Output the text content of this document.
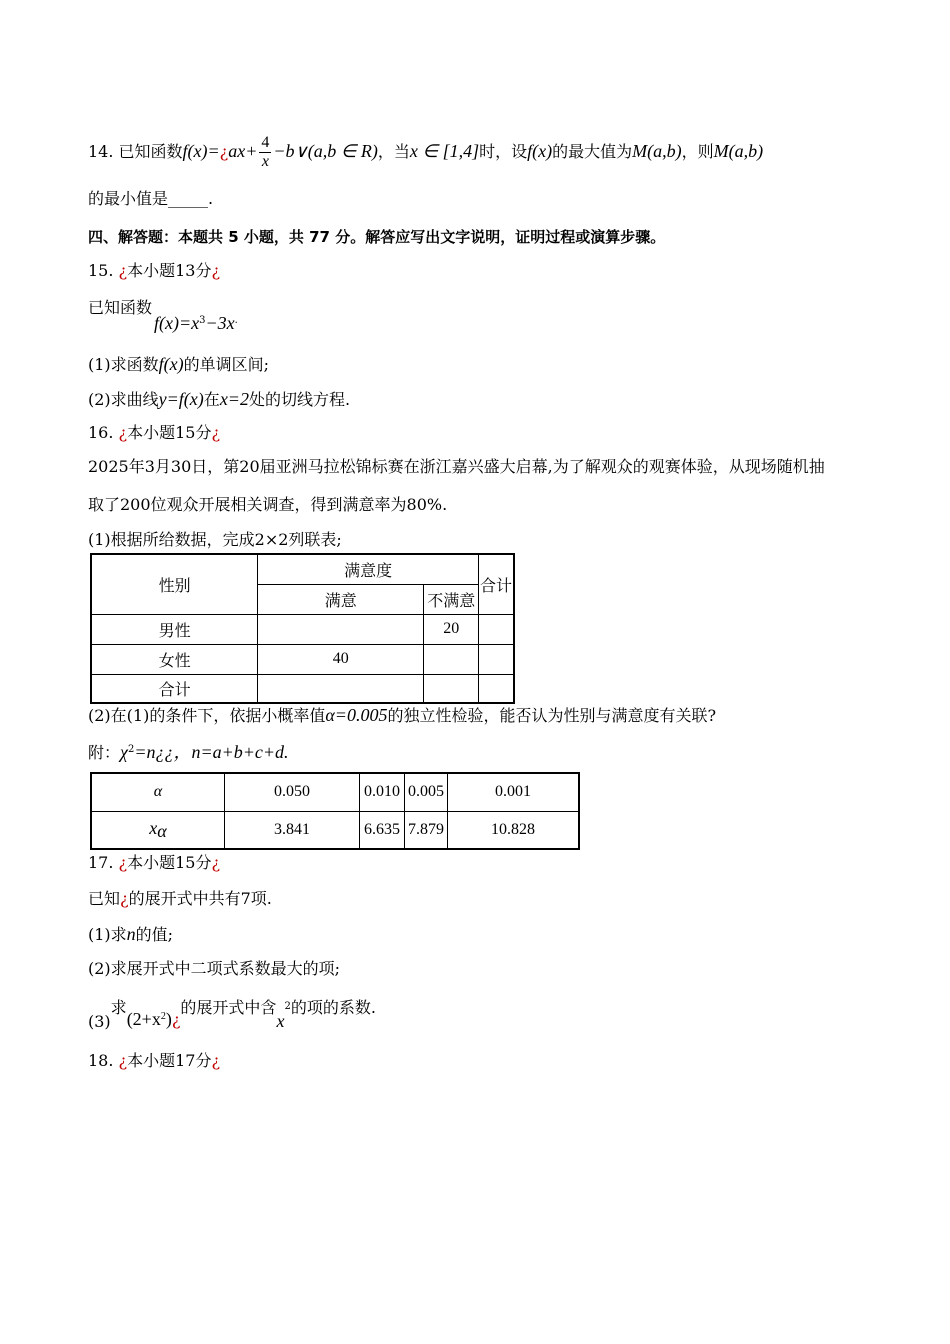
14. 已知函数f(x)=¿ax+ $\frac{4}{x}$ −b∨(a,b ∈ R)，当x ∈ [1,4]时，设f(x)的最大值为M(a,b)，则M(a,b)
的最小值是_____.
四、解答题：本题共 5 小题，共 77 分。解答应写出文字说明，证明过程或演算步骤。
15. ¿本小题13分¿
已知函数
$f(x)=x^3-3x^.$
(1)求函数f(x)的单调区间;
(2)求曲线y=f(x)在x=2处的切线方程.
16. ¿本小题15分¿
2025年3月30日，第20届亚洲马拉松锦标赛在浙江嘉兴盛大启幕,为了解观众的观赛体验，从现场随机抽
取了200位观众开展相关调查，得到满意率为80%.
(1)根据所给数据，完成2×2列联表;
性别	满意度		合计
	满意	不满意	
男性		20	
女性	40		
合计			
(2)在(1)的条件下，依据小概率值α=0.005的独立性检验，能否认为性别与满意度有关联?
附：$\chi^2=n¿¿$，n=a+b+c+d.
α	0.050	0.010	0.005	0.001
$x_\alpha$	3.841	6.635	7.879	10.828
17. ¿本小题15分¿
已知¿的展开式中共有7项.
(1)求n的值;
(2)求展开式中二项式系数最大的项;
(3)求$(2+x^2)¿$的展开式中含$x^2$的项的系数.
18. ¿本小题17分¿
